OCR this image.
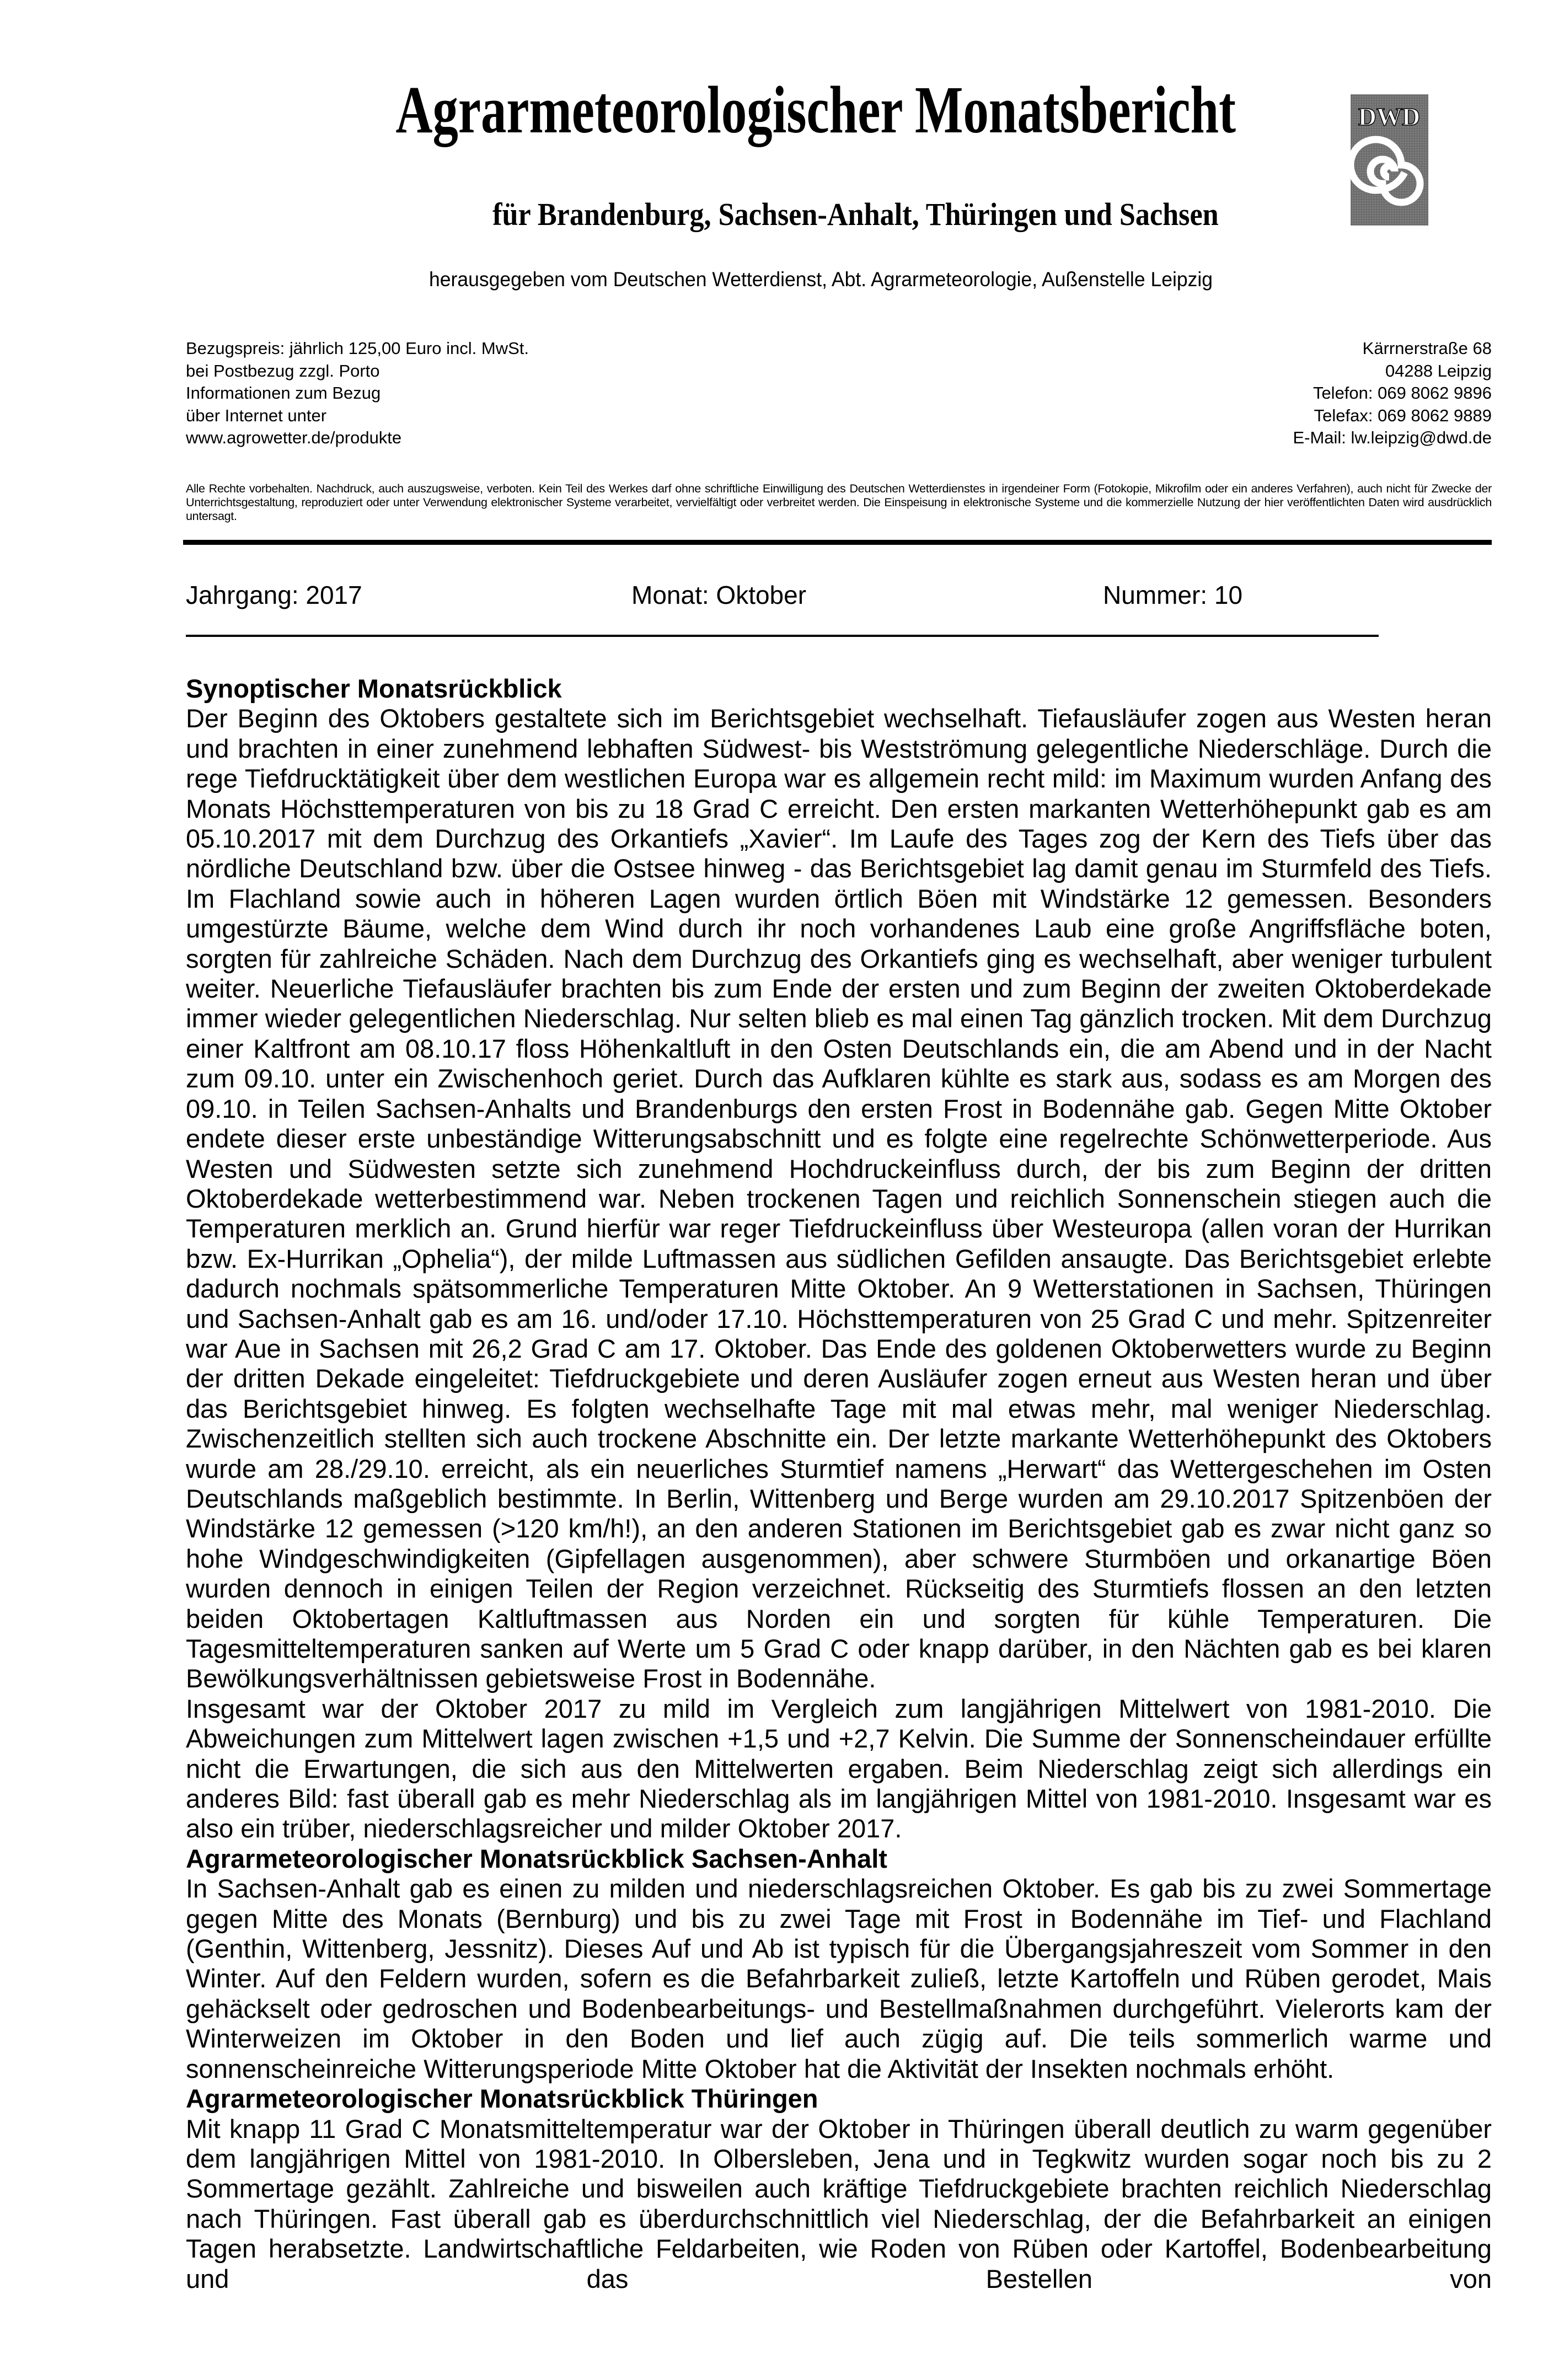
Agrarmeteorologischer Monatsbericht	DWD
für Brandenburg, Sachsen-Anhalt, Thüringen und Sachsen
herausgegeben vom Deutschen Wetterdienst, Abt. Agrarmeteorologie, Außenstelle Leipzig
Bezugspreis: jährlich 125,00 Euro incl. MwSt.
bei Postbezug zzgl. Porto
Informationen zum Bezug
über Internet unter
www.agrowetter.de/produkte
Kärrnerstraße 68
04288 Leipzig
Telefon: 069 8062 9896
Telefax: 069 8062 9889
E-Mail: lw.leipzig@dwd.de
Alle Rechte vorbehalten. Nachdruck, auch auszugsweise, verboten. Kein Teil des Werkes darf ohne schriftliche Einwilligung des Deutschen Wetterdienstes in irgendeiner Form (Fotokopie, Mikrofilm oder ein anderes Verfahren), auch nicht für Zwecke der Unterrichtsgestaltung, reproduziert oder unter Verwendung elektronischer Systeme verarbeitet, vervielfältigt oder verbreitet werden. Die Einspeisung in elektronische Systeme und die kommerzielle Nutzung der hier veröffentlichten Daten wird ausdrücklich untersagt.
Jahrgang: 2017	Monat: Oktober	Nummer: 10
Synoptischer Monatsrückblick

Der Beginn des Oktobers gestaltete sich im Berichtsgebiet wechselhaft. Tiefausläufer zogen aus Westen heran und brachten in einer zunehmend lebhaften Südwest- bis Westströmung gelegentliche Niederschläge. Durch die rege Tiefdrucktätigkeit über dem westlichen Europa war es allgemein recht mild: im Maximum wurden Anfang des Monats Höchsttemperaturen von bis zu 18 Grad C erreicht. Den ersten markanten Wetterhöhepunkt gab es am 05.10.2017 mit dem Durchzug des Orkantiefs „Xavier“. Im Laufe des Tages zog der Kern des Tiefs über das nördliche Deutschland bzw. über die Ostsee hinweg - das Berichtsgebiet lag damit genau im Sturmfeld des Tiefs. Im Flachland sowie auch in höheren Lagen wurden örtlich Böen mit Windstärke 12 gemessen. Besonders umgestürzte Bäume, welche dem Wind durch ihr noch vorhandenes Laub eine große Angriffsfläche boten, sorgten für zahlreiche Schäden. Nach dem Durchzug des Orkantiefs ging es wechselhaft, aber weniger turbulent weiter. Neuerliche Tiefausläufer brachten bis zum Ende der ersten und zum Beginn der zweiten Oktoberdekade immer wieder gelegentlichen Niederschlag. Nur selten blieb es mal einen Tag gänzlich trocken. Mit dem Durchzug einer Kaltfront am 08.10.17 floss Höhenkaltluft in den Osten Deutschlands ein, die am Abend und in der Nacht zum 09.10. unter ein Zwischenhoch geriet. Durch das Aufklaren kühlte es stark aus, sodass es am Morgen des 09.10. in Teilen Sachsen-Anhalts und Brandenburgs den ersten Frost in Bodennähe gab. Gegen Mitte Oktober endete dieser erste unbeständige Witterungsabschnitt und es folgte eine regelrechte Schönwetterperiode. Aus Westen und Südwesten setzte sich zunehmend Hochdruckeinfluss durch, der bis zum Beginn der dritten Oktoberdekade wetterbestimmend war. Neben trockenen Tagen und reichlich Sonnenschein stiegen auch die Temperaturen merklich an. Grund hierfür war reger Tiefdruckeinfluss über Westeuropa (allen voran der Hurrikan bzw. Ex-Hurrikan „Ophelia“), der milde Luftmassen aus südlichen Gefilden ansaugte. Das Berichtsgebiet erlebte dadurch nochmals spätsommerliche Temperaturen Mitte Oktober. An 9 Wetterstationen in Sachsen, Thüringen und Sachsen-Anhalt gab es am 16. und/oder 17.10. Höchsttemperaturen von 25 Grad C und mehr. Spitzenreiter war Aue in Sachsen mit 26,2 Grad C am 17. Oktober. Das Ende des goldenen Oktoberwetters wurde zu Beginn der dritten Dekade eingeleitet: Tiefdruckgebiete und deren Ausläufer zogen erneut aus Westen heran und über das Berichtsgebiet hinweg. Es folgten wechselhafte Tage mit mal etwas mehr, mal weniger Niederschlag. Zwischenzeitlich stellten sich auch trockene Abschnitte ein. Der letzte markante Wetterhöhepunkt des Oktobers wurde am 28./29.10. erreicht, als ein neuerliches Sturmtief namens „Herwart“ das Wettergeschehen im Osten Deutschlands maßgeblich bestimmte. In Berlin, Wittenberg und Berge wurden am 29.10.2017 Spitzenböen der Windstärke 12 gemessen (>120 km/h!), an den anderen Stationen im Berichtsgebiet gab es zwar nicht ganz so hohe Windgeschwindigkeiten (Gipfellagen ausgenommen), aber schwere Sturmböen und orkanartige Böen wurden dennoch in einigen Teilen der Region verzeichnet. Rückseitig des Sturmtiefs flossen an den letzten beiden Oktobertagen Kaltluftmassen aus Norden ein und sorgten für kühle Temperaturen. Die Tagesmitteltemperaturen sanken auf Werte um 5 Grad C oder knapp darüber, in den Nächten gab es bei klaren Bewölkungsverhältnissen gebietsweise Frost in Bodennähe.

Insgesamt war der Oktober 2017 zu mild im Vergleich zum langjährigen Mittelwert von 1981-2010. Die Abweichungen zum Mittelwert lagen zwischen +1,5 und +2,7 Kelvin. Die Summe der Sonnenscheindauer erfüllte nicht die Erwartungen, die sich aus den Mittelwerten ergaben. Beim Niederschlag zeigt sich allerdings ein anderes Bild: fast überall gab es mehr Niederschlag als im langjährigen Mittel von 1981-2010. Insgesamt war es also ein trüber, niederschlagsreicher und milder Oktober 2017.

Agrarmeteorologischer Monatsrückblick Sachsen-Anhalt

In Sachsen-Anhalt gab es einen zu milden und niederschlagsreichen Oktober. Es gab bis zu zwei Sommertage gegen Mitte des Monats (Bernburg) und bis zu zwei Tage mit Frost in Bodennähe im Tief- und Flachland (Genthin, Wittenberg, Jessnitz). Dieses Auf und Ab ist typisch für die Übergangsjahreszeit vom Sommer in den Winter. Auf den Feldern wurden, sofern es die Befahrbarkeit zuließ, letzte Kartoffeln und Rüben gerodet, Mais gehäckselt oder gedroschen und Bodenbearbeitungs- und Bestellmaßnahmen durchgeführt. Vielerorts kam der Winterweizen im Oktober in den Boden und lief auch zügig auf. Die teils sommerlich warme und sonnenscheinreiche Witterungsperiode Mitte Oktober hat die Aktivität der Insekten nochmals erhöht.

Agrarmeteorologischer Monatsrückblick Thüringen

Mit knapp 11 Grad C Monatsmitteltemperatur war der Oktober in Thüringen überall deutlich zu warm gegenüber dem langjährigen Mittel von 1981-2010. In Olbersleben, Jena und in Tegkwitz wurden sogar noch bis zu 2 Sommertage gezählt. Zahlreiche und bisweilen auch kräftige Tiefdruckgebiete brachten reichlich Niederschlag nach Thüringen. Fast überall gab es überdurchschnittlich viel Niederschlag, der die Befahrbarkeit an einigen Tagen herabsetzte. Landwirtschaftliche Feldarbeiten, wie Roden von Rüben oder Kartoffel, Bodenbearbeitung und das Bestellen von
